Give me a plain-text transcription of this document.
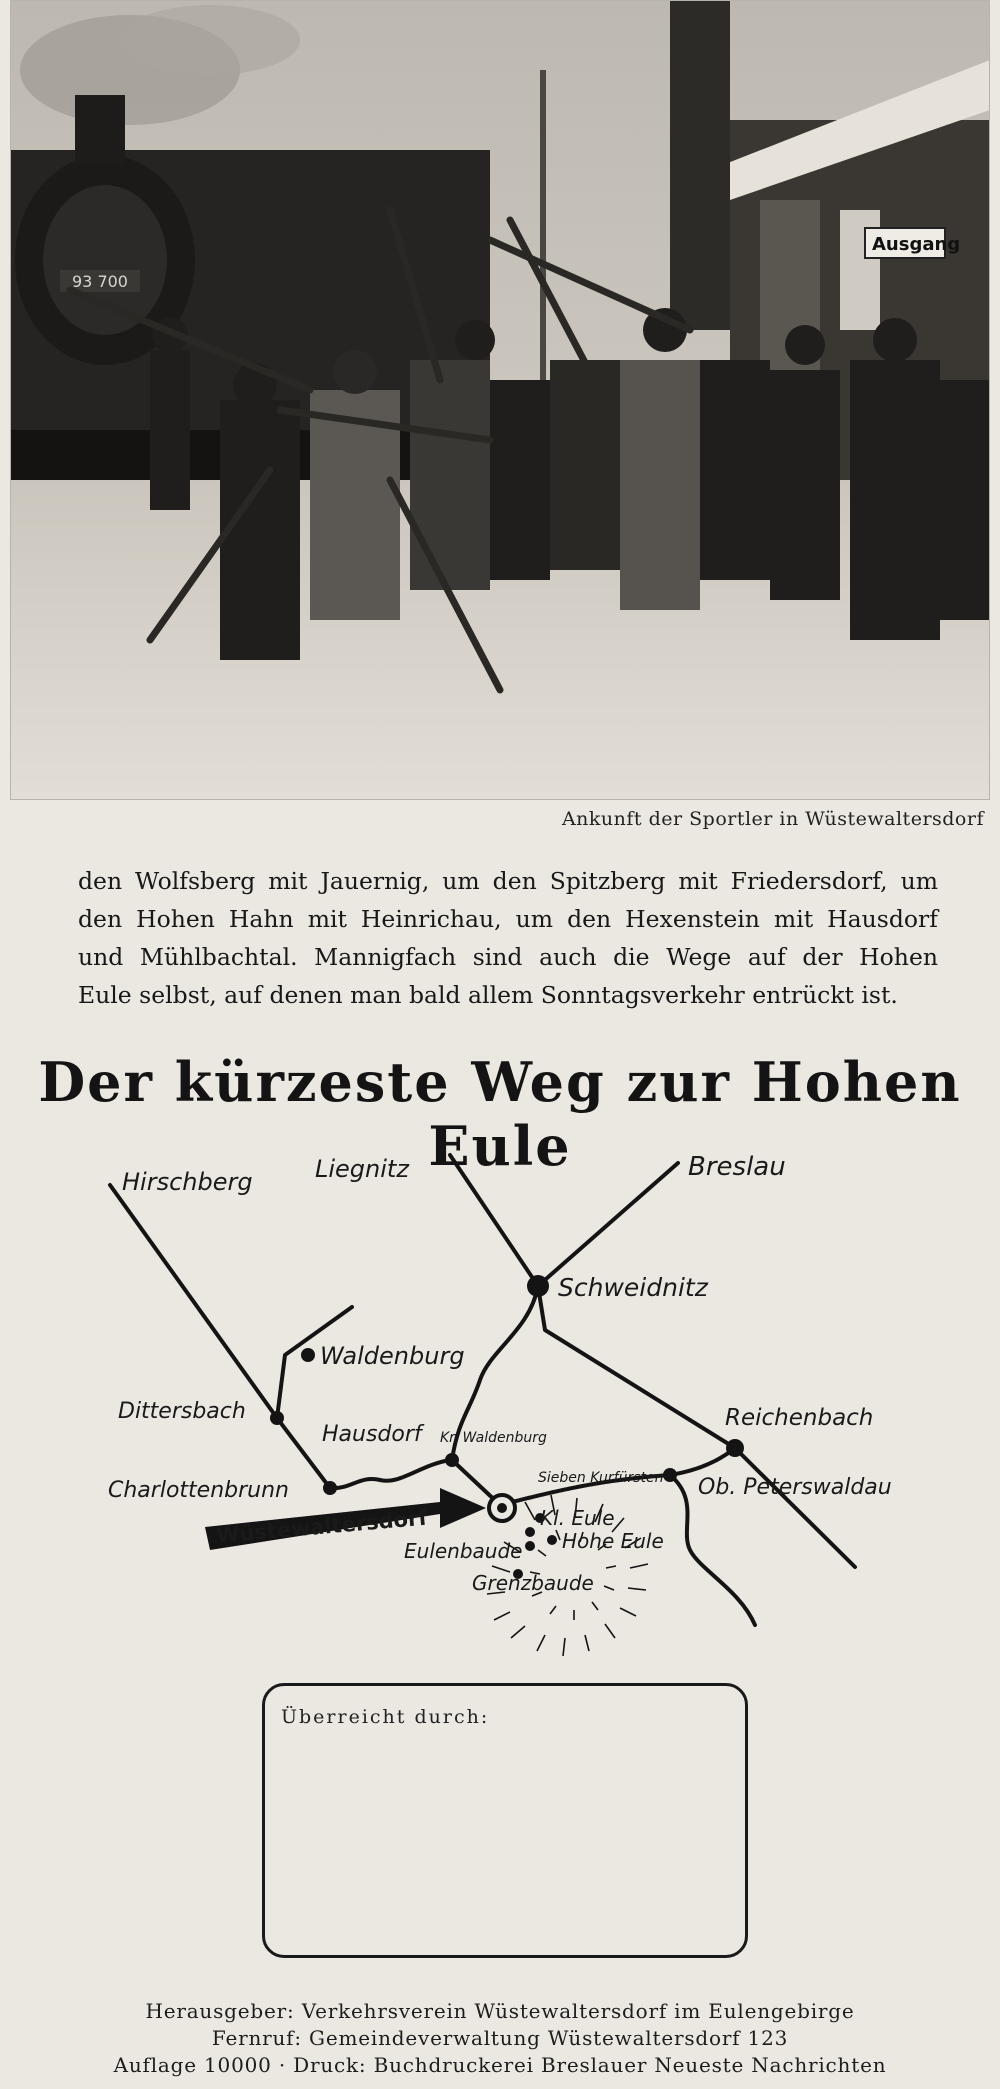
93 700
Ausgang
Ankunft der Sportler in Wüstewaltersdorf
den Wolfsberg mit Jauernig, um den Spitzberg mit Friedersdorf, um
den Hohen Hahn mit Heinrichau, um den Hexenstein mit Hausdorf
und Mühlbachtal. Mannigfach sind auch die Wege auf der Hohen
Eule selbst, auf denen man bald allem Sonntagsverkehr entrückt ist.
Der kürzeste Weg zur Hohen Eule
Wüstewaltersdorf
Hirschberg	Liegnitz	Breslau
Schweidnitz
Waldenburg
Dittersbach
Hausdorf Kr. Waldenburg
Reichenbach
Charlottenbrunn	Sieben Kurfürsten Ob. Peterswaldau
Kl. Eule
Hohe Eule
Eulenbaude
Grenzbaude
Überreicht durch:
Herausgeber: Verkehrsverein Wüstewaltersdorf im Eulengebirge
Fernruf: Gemeindeverwaltung Wüstewaltersdorf 123
Auflage 10000 · Druck: Buchdruckerei Breslauer Neueste Nachrichten
